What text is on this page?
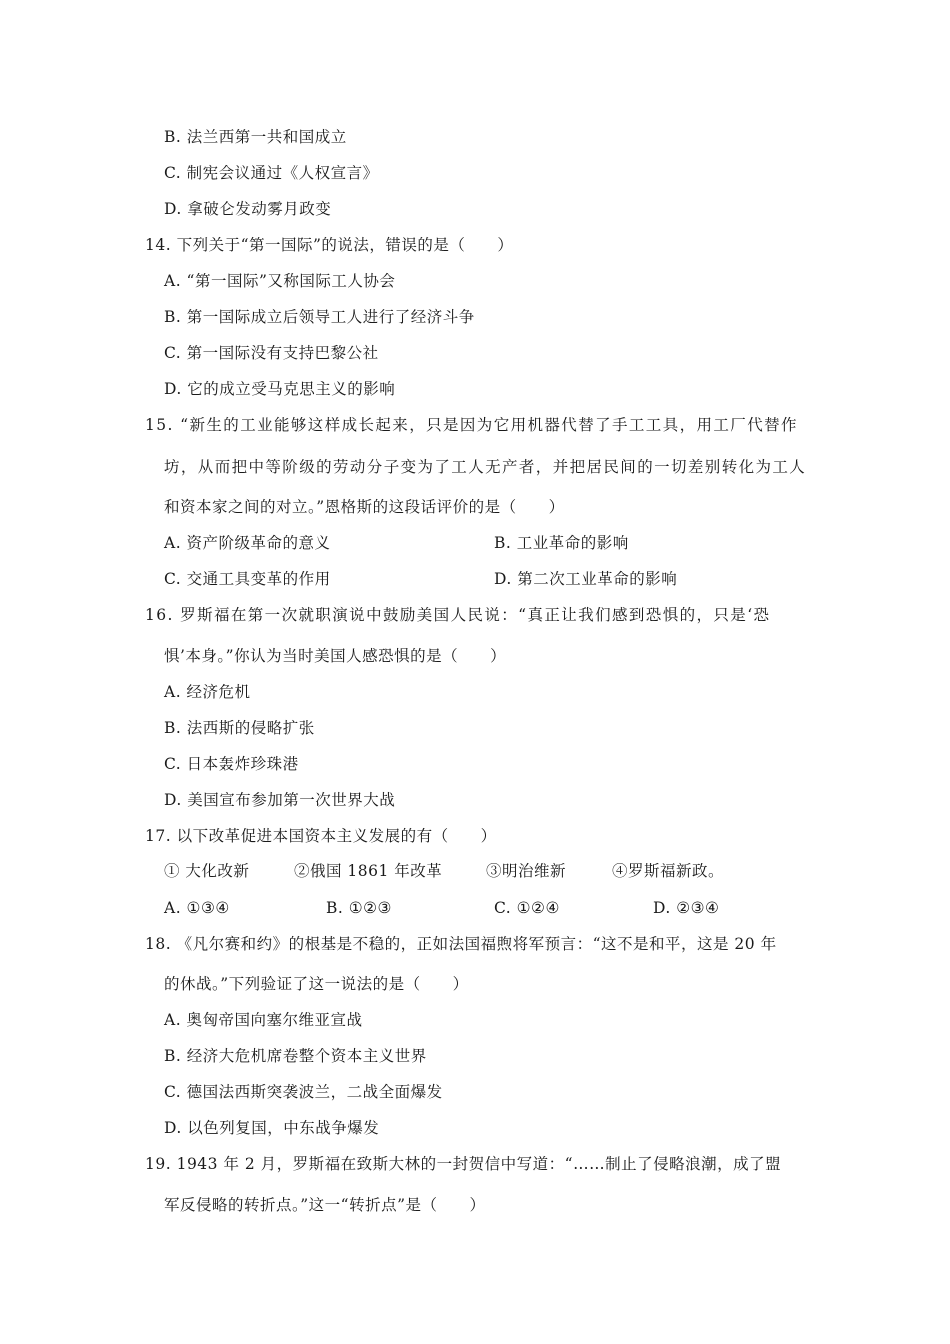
B. 法兰西第一共和国成立
C. 制宪会议通过《人权宣言》
D. 拿破仑发动雾月政变
14. 下列关于“第一国际”的说法，错误的是（　　）
A. “第一国际”又称国际工人协会
B. 第一国际成立后领导工人进行了经济斗争
C. 第一国际没有支持巴黎公社
D. 它的成立受马克思主义的影响
15. “新生的工业能够这样成长起来，只是因为它用机器代替了手工工具，用工厂代替作
坊，从而把中等阶级的劳动分子变为了工人无产者，并把居民间的一切差别转化为工人
和资本家之间的对立。”恩格斯的这段话评价的是（　　）
A. 资产阶级革命的意义	B. 工业革命的影响
C. 交通工具变革的作用	D. 第二次工业革命的影响
16. 罗斯福在第一次就职演说中鼓励美国人民说：“真正让我们感到恐惧的，只是‘恐
惧’本身。”你认为当时美国人感恐惧的是（　　）
A. 经济危机
B. 法西斯的侵略扩张
C. 日本轰炸珍珠港
D. 美国宣布参加第一次世界大战
17. 以下改革促进本国资本主义发展的有（　　）
① 大化改新	②俄国 1861 年改革	③明治维新	④罗斯福新政。
A. ①③④	B. ①②③	C. ①②④	D. ②③④
18. 《凡尔赛和约》的根基是不稳的，正如法国福煦将军预言：“这不是和平，这是 20 年
的休战。”下列验证了这一说法的是（　　）
A. 奥匈帝国向塞尔维亚宣战
B. 经济大危机席卷整个资本主义世界
C. 德国法西斯突袭波兰，二战全面爆发
D. 以色列复国，中东战争爆发
19. 1943 年 2 月，罗斯福在致斯大林的一封贺信中写道：“……制止了侵略浪潮，成了盟
军反侵略的转折点。”这一“转折点”是（　　）
